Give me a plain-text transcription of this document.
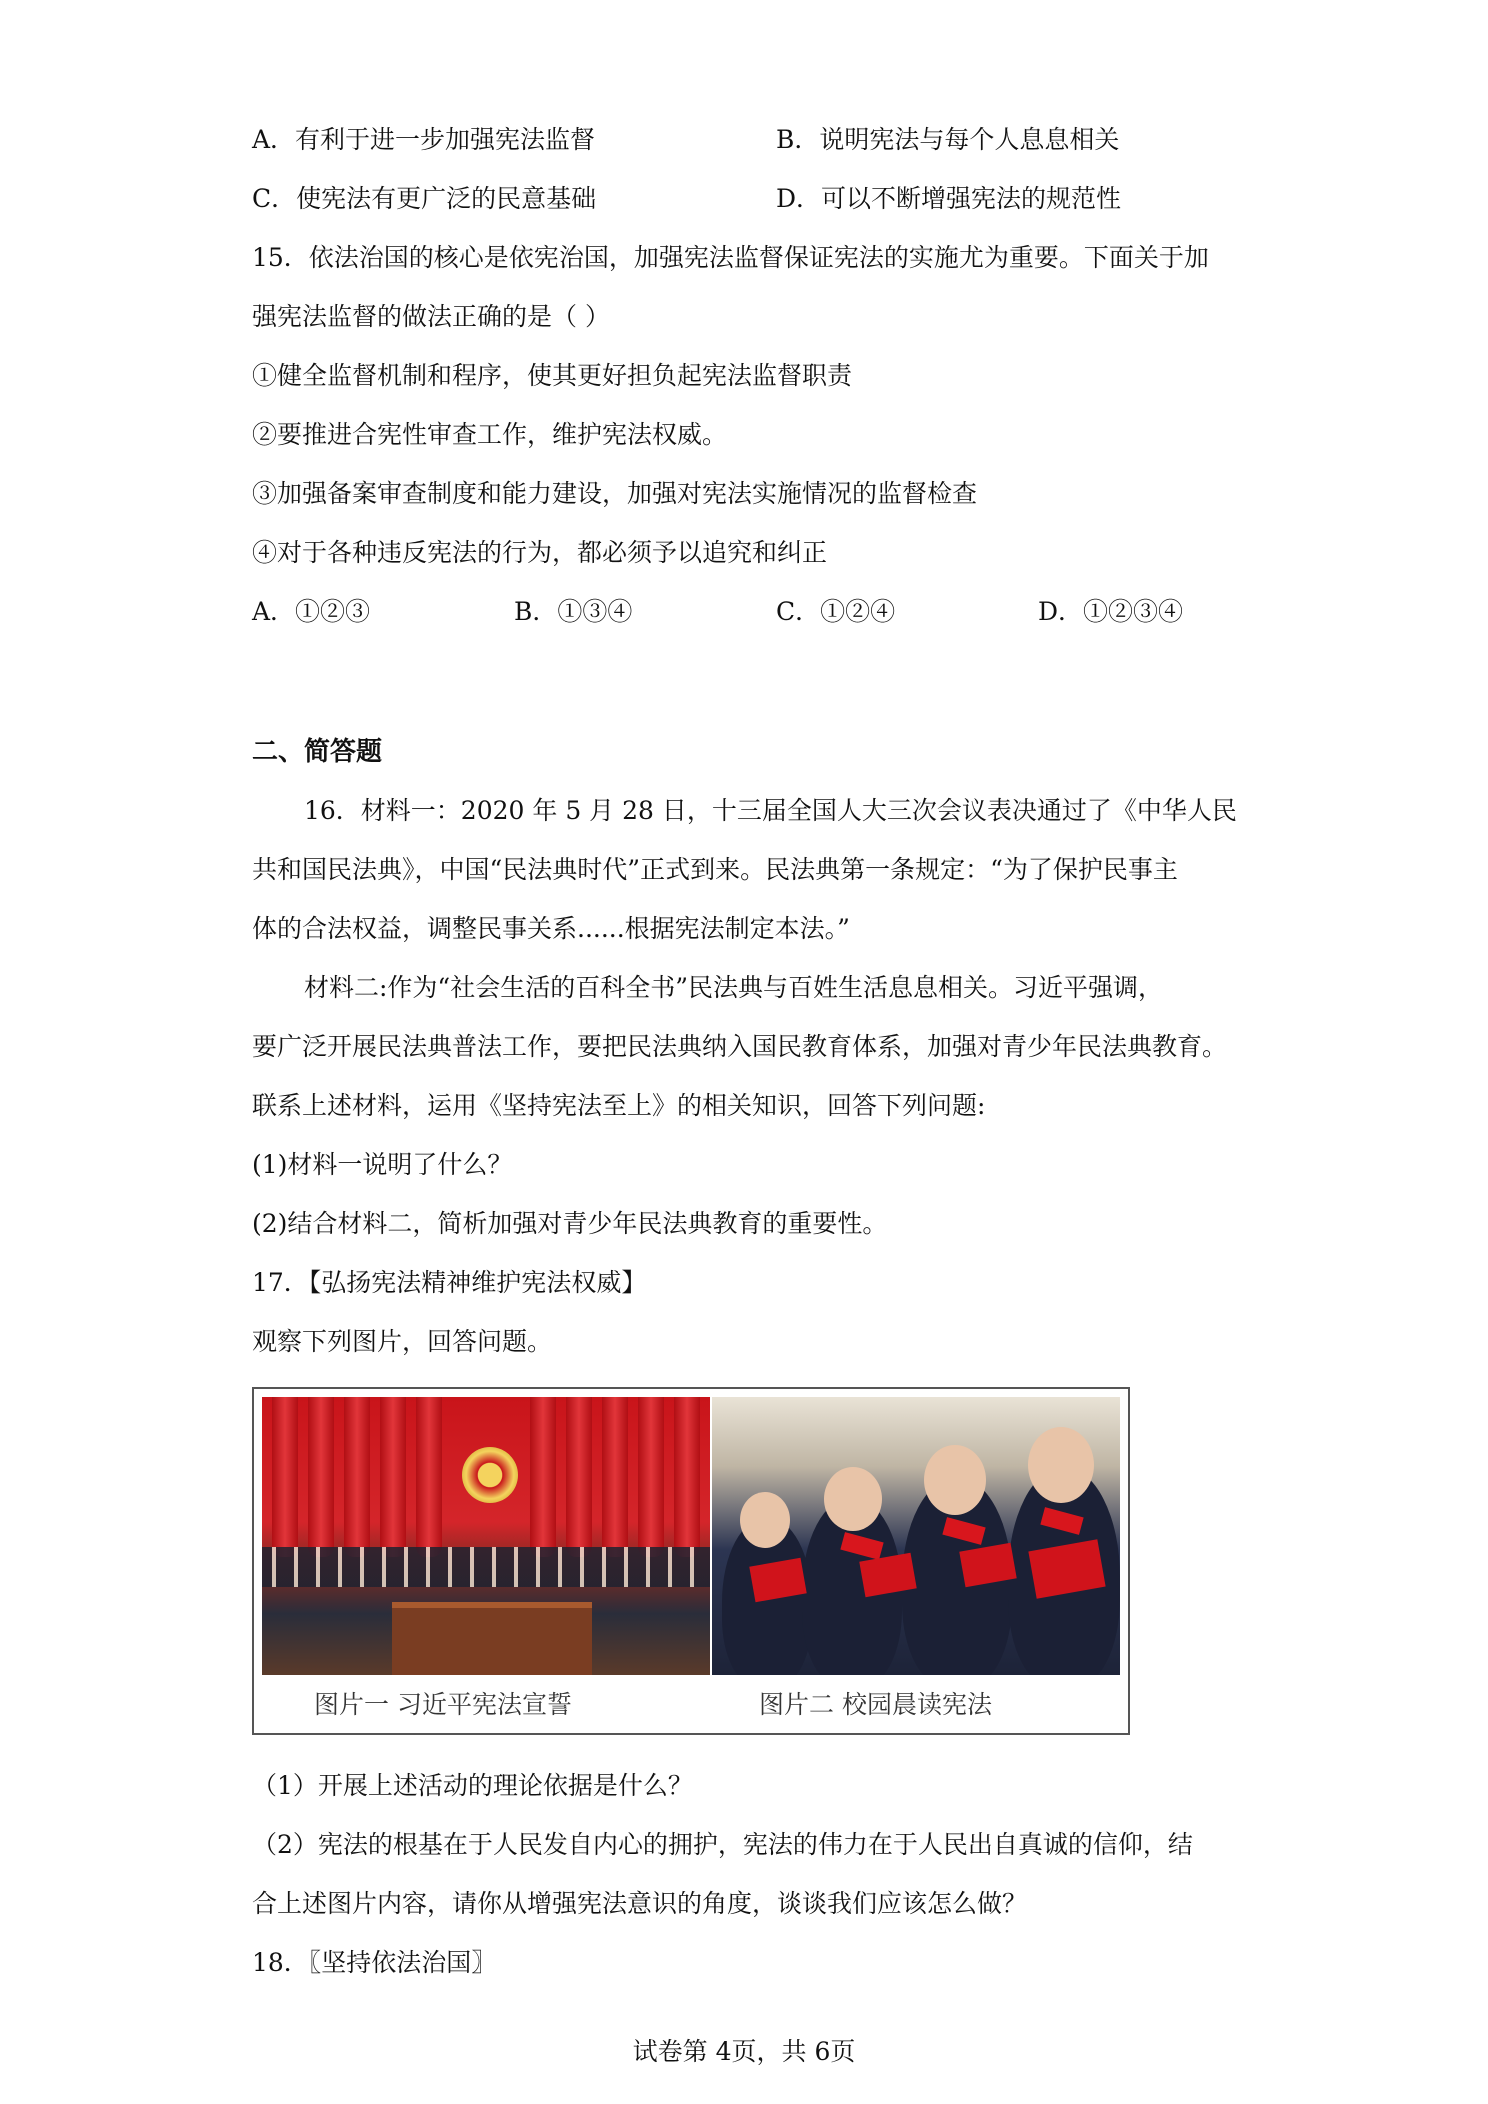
A．有利于进一步加强宪法监督	B．说明宪法与每个人息息相关
C．使宪法有更广泛的民意基础	D．可以不断增强宪法的规范性
15．依法治国的核心是依宪治国，加强宪法监督保证宪法的实施尤为重要。下面关于加
强宪法监督的做法正确的是（ ）
①健全监督机制和程序，使其更好担负起宪法监督职责
②要推进合宪性审查工作，维护宪法权威。
③加强备案审查制度和能力建设，加强对宪法实施情况的监督检查
④对于各种违反宪法的行为，都必须予以追究和纠正
A．①②③	B．①③④	C．①②④	D．①②③④
二、简答题
16．材料一：2020 年 5 月 28 日，十三届全国人大三次会议表决通过了《中华人民
共和国民法典》，中国“民法典时代”正式到来。民法典第一条规定：“为了保护民事主
体的合法权益，调整民事关系......根据宪法制定本法。”
材料二:作为“社会生活的百科全书”民法典与百姓生活息息相关。习近平强调，
要广泛开展民法典普法工作，要把民法典纳入国民教育体系，加强对青少年民法典教育。
联系上述材料，运用《坚持宪法至上》的相关知识，回答下列问题:
(1)材料一说明了什么？
(2)结合材料二，简析加强对青少年民法典教育的重要性。
17．【弘扬宪法精神维护宪法权威】
观察下列图片，回答问题。
图片一 习近平宪法宣誓	图片二 校园晨读宪法
（1）开展上述活动的理论依据是什么？
（2）宪法的根基在于人民发自内心的拥护，宪法的伟力在于人民出自真诚的信仰，结
合上述图片内容，请你从增强宪法意识的角度，谈谈我们应该怎么做？
18．〖坚持依法治国〗
试卷第 4页，共 6页
